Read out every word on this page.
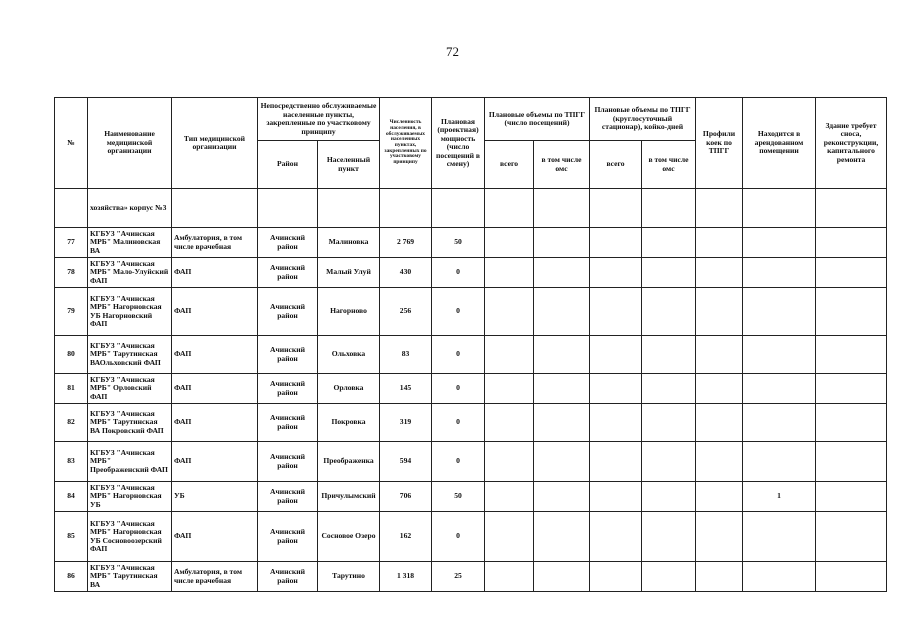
72
№	Наименование медицинской организации	Тип медицинской организации	Непосредственно обслуживаемые населенные пункты, закрепленные по участковому принципу		Численность населения, в обслуживаемых населенных пунктах, закрепленных по участковому принципу	Плановая (проектная) мощность (число посещений в смену)	Плановые объемы по ТПГГ (число посещений)		Плановые объемы по ТПГГ (круглосуточный стационар), койко-дней		Профили коек по ТПГГ	Находится в арендованном помещении	Здание требует сноса, реконструкции, капитального ремонта
			Район	Населенный пункт			всего	в том числе омс	всего	в том числе омс			
	хозяйства» корпус №3												
77	КГБУЗ "Ачинская МРБ" Малиновская ВА	Амбулатория, в том числе врачебная	Ачинский район	Малиновка	2 769	50							
78	КГБУЗ "Ачинская МРБ" Мало-Улуйский ФАП	ФАП	Ачинский район	Малый Улуй	430	0							
79	КГБУЗ "Ачинская МРБ" Нагорновская УБ Нагорновский ФАП	ФАП	Ачинский район	Нагорново	256	0							
80	КГБУЗ "Ачинская МРБ" Тарутинская ВАОльховский ФАП	ФАП	Ачинский район	Ольховка	83	0							
81	КГБУЗ "Ачинская МРБ" Орловский ФАП	ФАП	Ачинский район	Орловка	145	0							
82	КГБУЗ "Ачинская МРБ" Тарутинская ВА Покровский ФАП	ФАП	Ачинский район	Покровка	319	0							
83	КГБУЗ "Ачинская МРБ" Преображенский ФАП	ФАП	Ачинский район	Преображенка	594	0							
84	КГБУЗ "Ачинская МРБ" Нагорновская УБ	УБ	Ачинский район	Причулымский	706	50						1	
85	КГБУЗ "Ачинская МРБ" Нагорновская УБ Сосновоозерский ФАП	ФАП	Ачинский район	Сосновое Озеро	162	0							
86	КГБУЗ "Ачинская МРБ" Тарутинская ВА	Амбулатория, в том числе врачебная	Ачинский район	Тарутино	1 318	25							
